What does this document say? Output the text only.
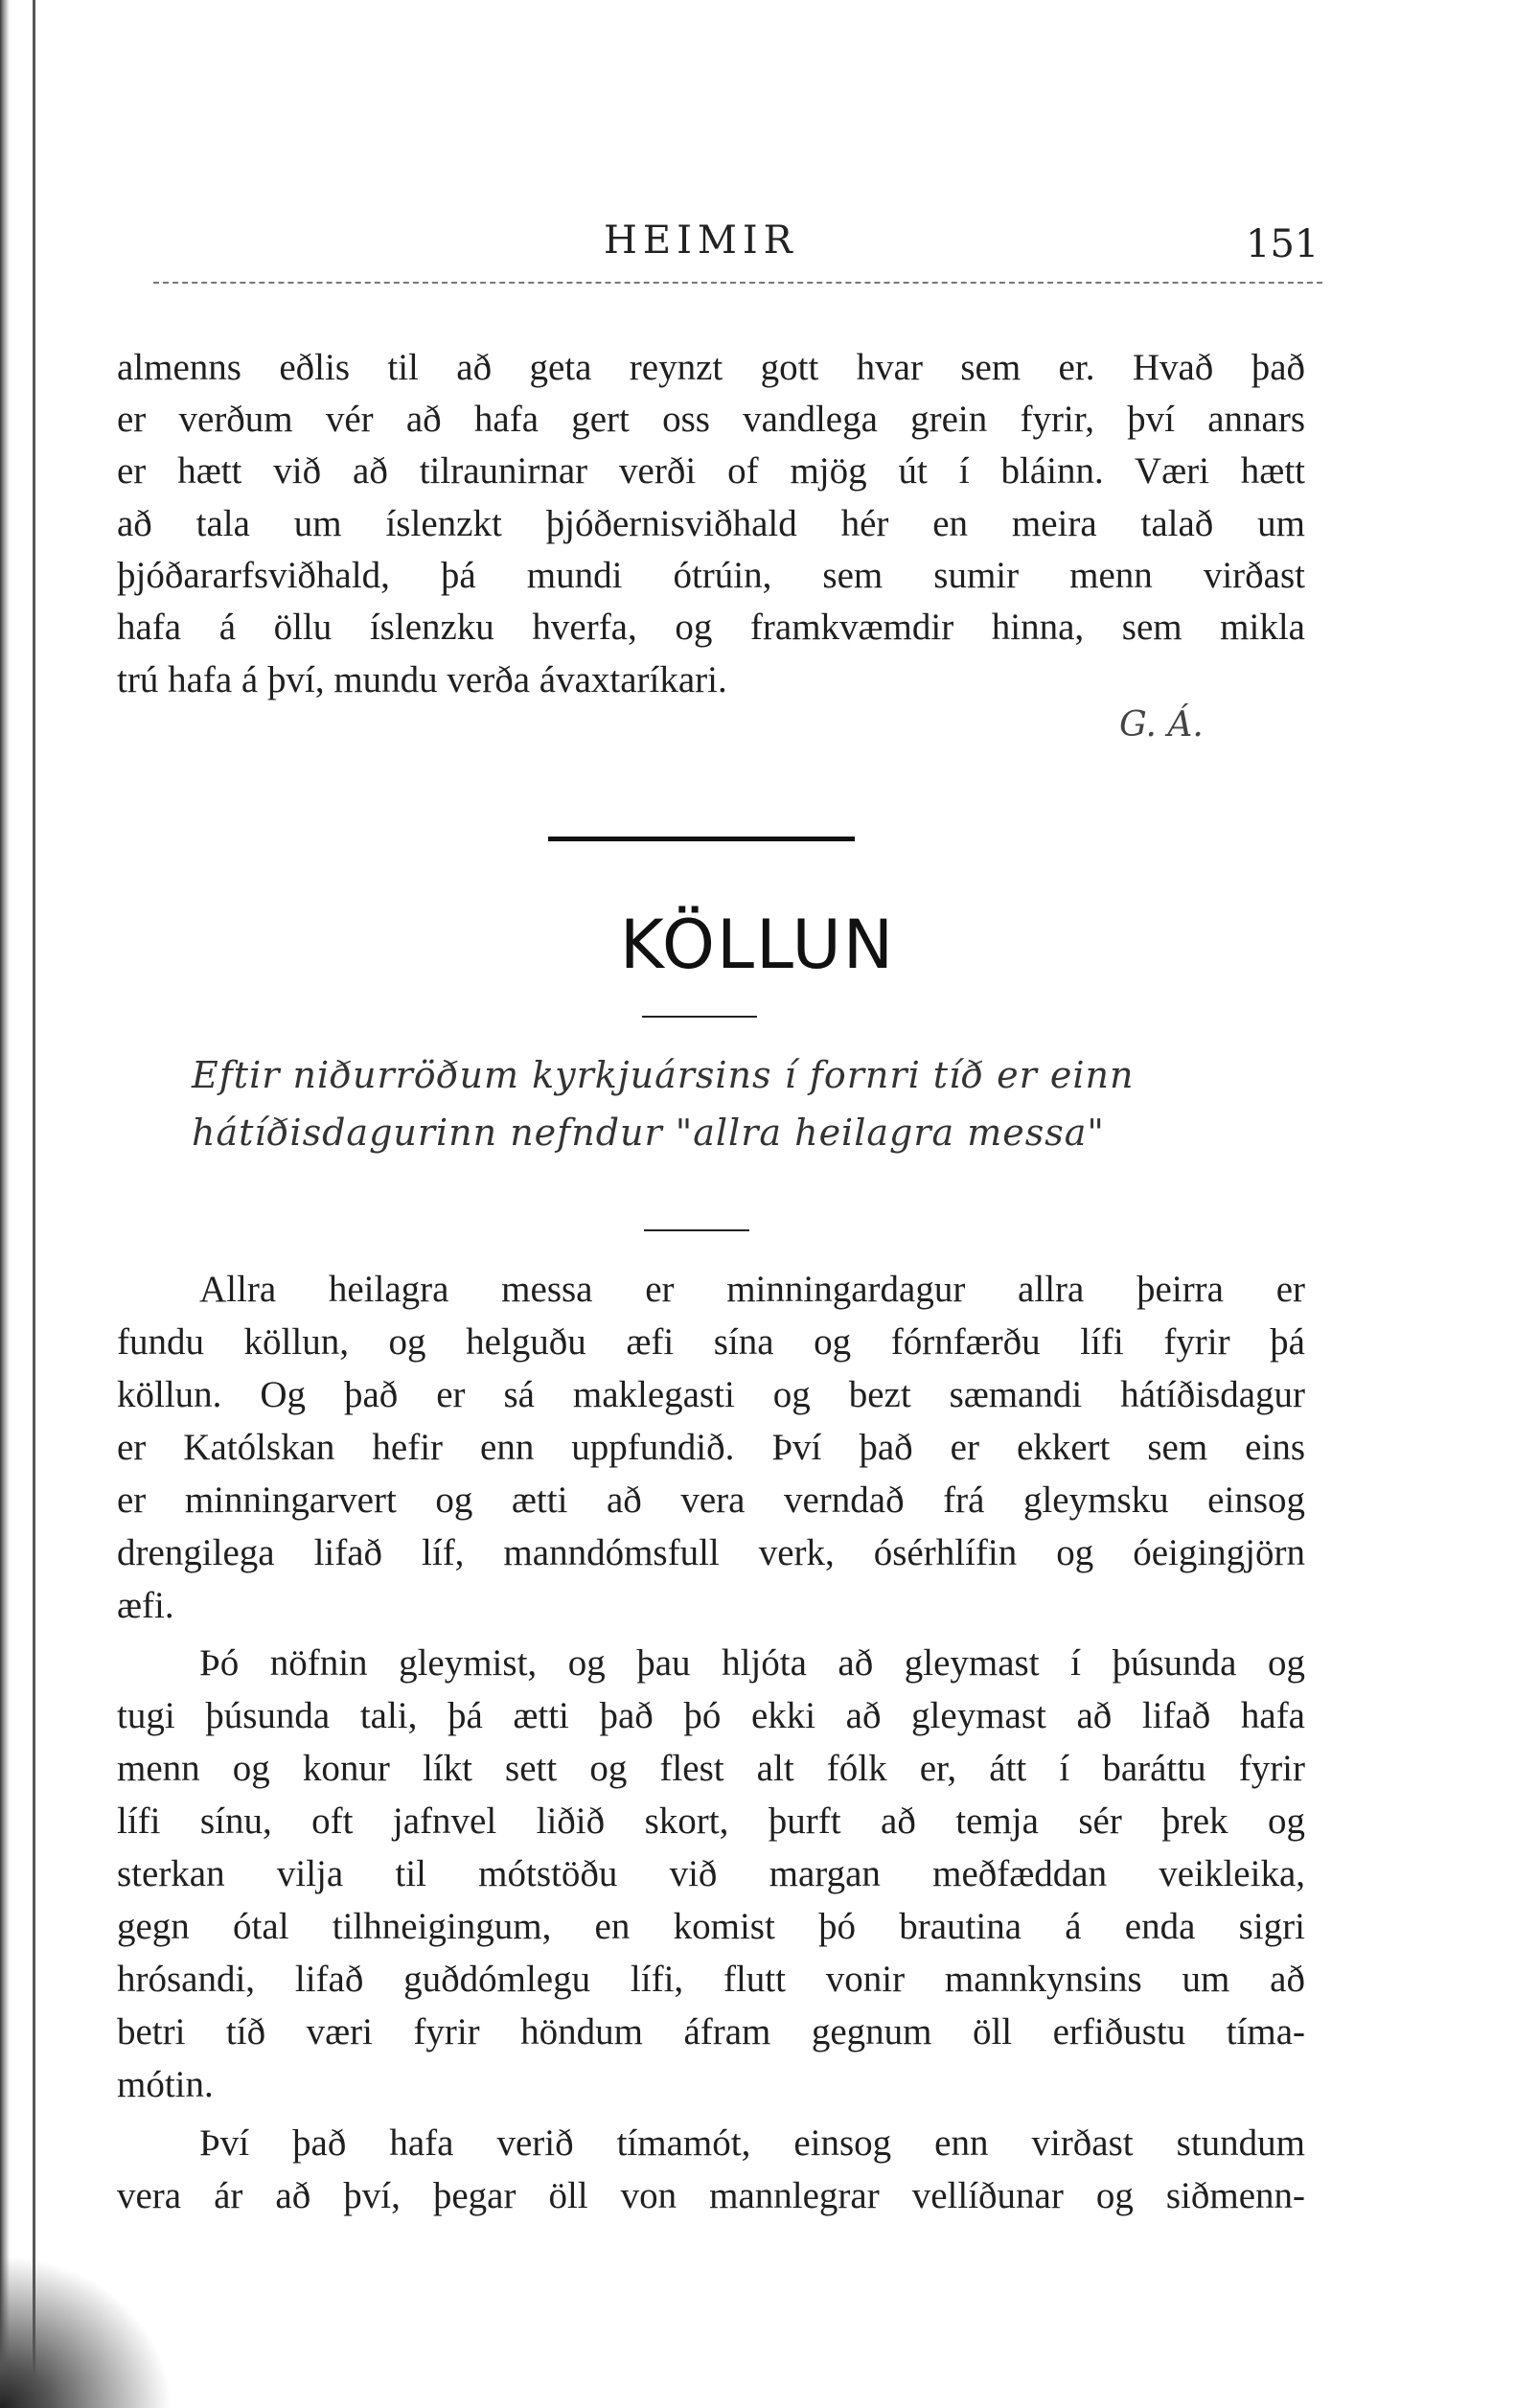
HEIMIR	151
almenns eðlis til að geta reynzt gott hvar sem er. Hvað það
er verðum vér að hafa gert oss vandlega grein fyrir, því annars
er hætt við að tilraunirnar verði of mjög út í bláinn. Væri hætt
að tala um íslenzkt þjóðernisviðhald hér en meira talað um
þjóðararfsviðhald, þá mundi ótrúin, sem sumir menn virðast
hafa á öllu íslenzku hverfa, og framkvæmdir hinna, sem mikla
trú hafa á því, mundu verða ávaxtaríkari.
G. Á.
KÖLLUN
Eftir niðurröðum kyrkjuársins í fornri tíð er einn
hátíðisdagurinn nefndur "allra heilagra messa"
Allra heilagra messa er minningardagur allra þeirra er
fundu köllun, og helguðu æfi sína og fórnfærðu lífi fyrir þá
köllun. Og það er sá maklegasti og bezt sæmandi hátíðisdagur
er Katólskan hefir enn uppfundið. Því það er ekkert sem eins
er minningarvert og ætti að vera verndað frá gleymsku einsog
drengilega lifað líf, manndómsfull verk, ósérhlífin og óeigingjörn
æfi.
Þó nöfnin gleymist, og þau hljóta að gleymast í þúsunda og
tugi þúsunda tali, þá ætti það þó ekki að gleymast að lifað hafa
menn og konur líkt sett og flest alt fólk er, átt í baráttu fyrir
lífi sínu, oft jafnvel liðið skort, þurft að temja sér þrek og
sterkan vilja til mótstöðu við margan meðfæddan veikleika,
gegn ótal tilhneigingum, en komist þó brautina á enda sigri
hrósandi, lifað guðdómlegu lífi, flutt vonir mannkynsins um að
betri tíð væri fyrir höndum áfram gegnum öll erfiðustu tíma-
mótin.
Því það hafa verið tímamót, einsog enn virðast stundum
vera ár að því, þegar öll von mannlegrar vellíðunar og siðmenn-
